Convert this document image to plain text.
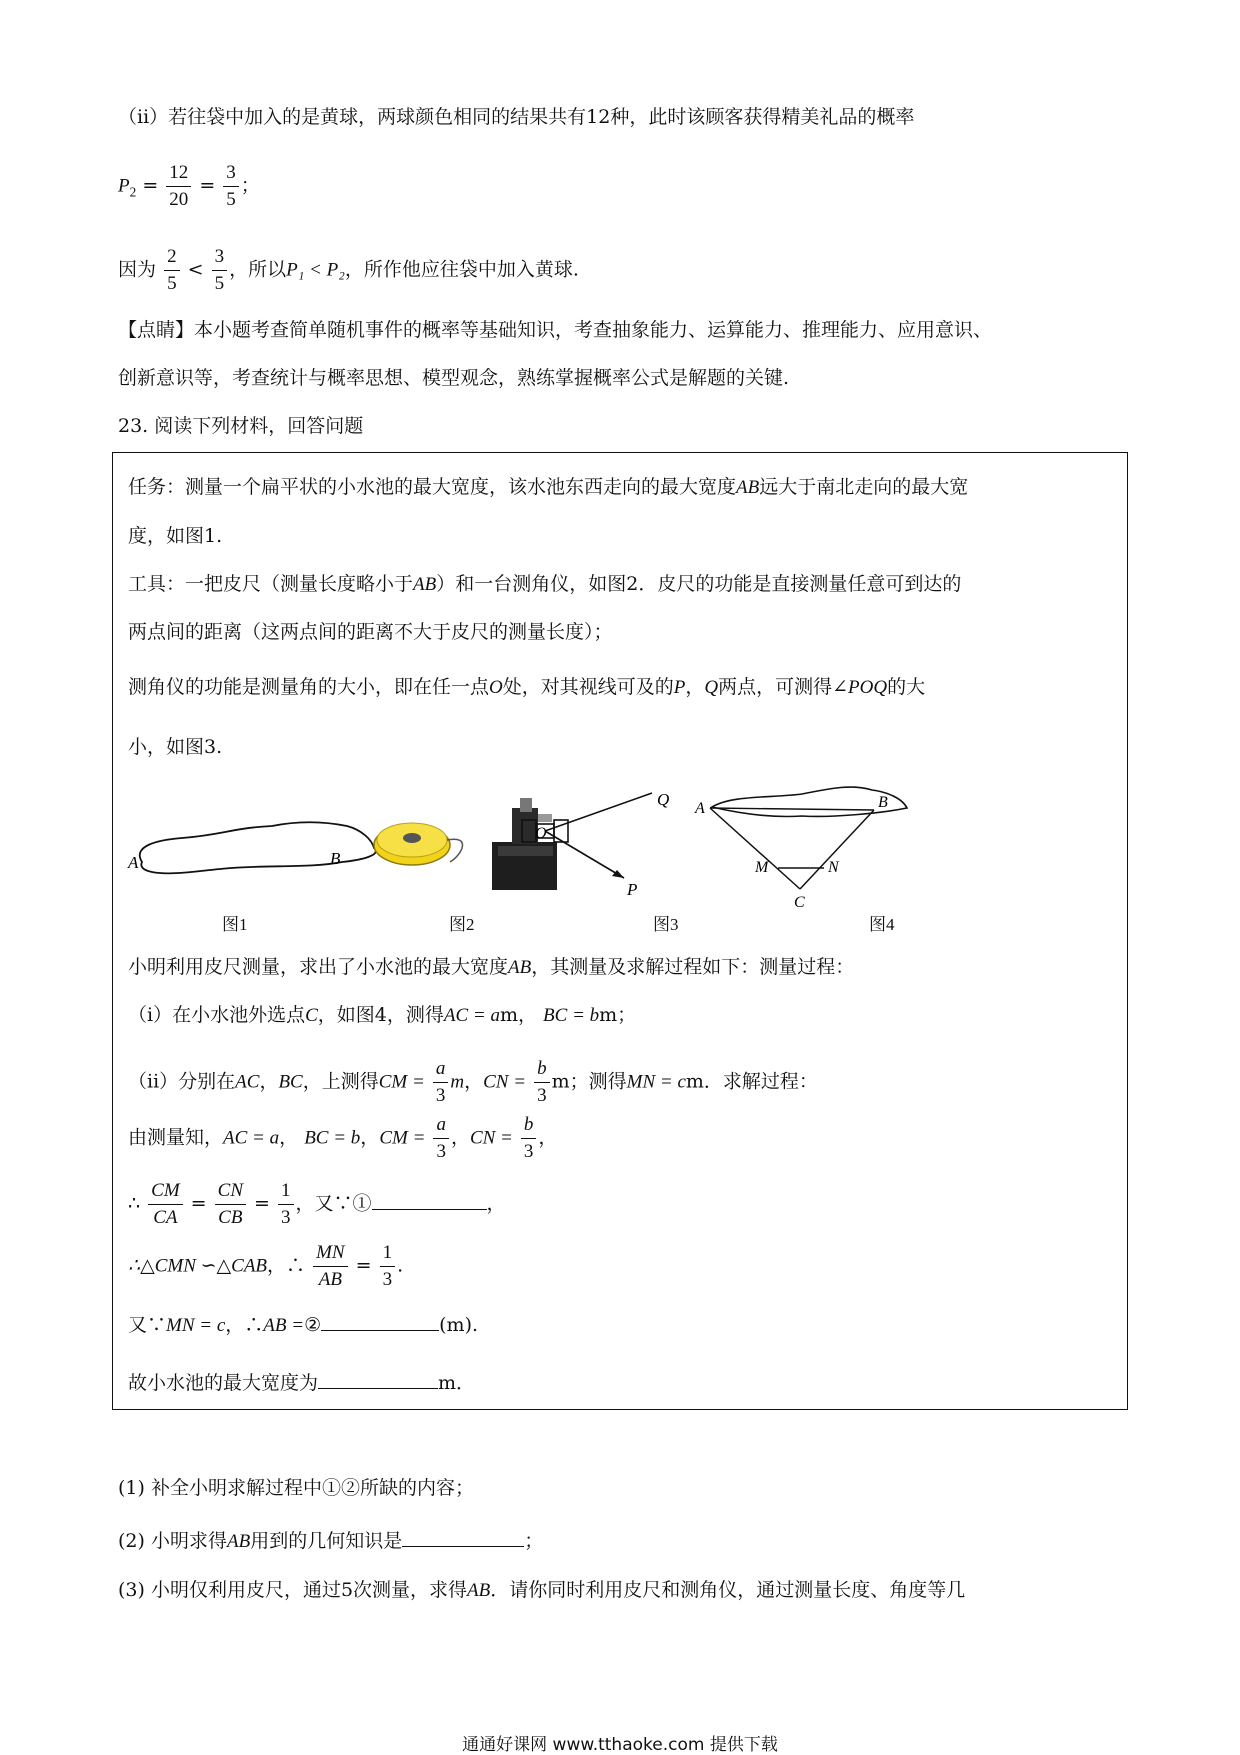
（ⅱ）若往袋中加入的是黄球，两球颜色相同的结果共有12种，此时该顾客获得精美礼品的概率
$P_2 = \frac{12}{20} = \frac{3}{5}$ ；
因为 $\frac{2}{5} < \frac{3}{5}$ ，所以P₁ < P₂，所作他应往袋中加入黄球.
【点睛】本小题考查简单随机事件的概率等基础知识，考查抽象能力、运算能力、推理能力、应用意识、
创新意识等，考查统计与概率思想、模型观念，熟练掌握概率公式是解题的关键.
23. 阅读下列材料，回答问题
任务：测量一个扁平状的小水池的最大宽度，该水池东西走向的最大宽度AB远大于南北走向的最大宽
度，如图1.
工具：一把皮尺（测量长度略小于AB）和一台测角仪，如图2．皮尺的功能是直接测量任意可到达的
两点间的距离（这两点间的距离不大于皮尺的测量长度）；
测角仪的功能是测量角的大小，即在任一点O处，对其视线可及的P，Q两点，可测得∠POQ的大
小，如图3.
A	B
O
Q
P
A	B
M	N
C
图1	图2	图3	图4
小明利用皮尺测量，求出了小水池的最大宽度AB，其测量及求解过程如下：测量过程：
（ⅰ）在小水池外选点C，如图4，测得AC = am， BC = bm；
（ⅱ）分别在AC，BC，上测得CM = $\frac{a}{3}$ m，CN = $\frac{b}{3}$ m；测得MN = cm．求解过程：
由测量知，AC = a， BC = b，CM = $\frac{a}{3}$ ，CN = $\frac{b}{3}$ ，
∴ $\frac{CM}{CA} = \frac{CN}{CB} = \frac{1}{3}$ ，又∵①	，
∴△CMN ∽△CAB，∴ $\frac{MN}{AB} = \frac{1}{3}$ .
又∵MN = c，∴AB =②	(m).
故小水池的最大宽度为	m．
(1) 补全小明求解过程中①②所缺的内容；
(2) 小明求得AB用到的几何知识是	；
(3) 小明仅利用皮尺，通过5次测量，求得AB．请你同时利用皮尺和测角仪，通过测量长度、角度等几
通通好课网 www.tthaoke.com 提供下载
